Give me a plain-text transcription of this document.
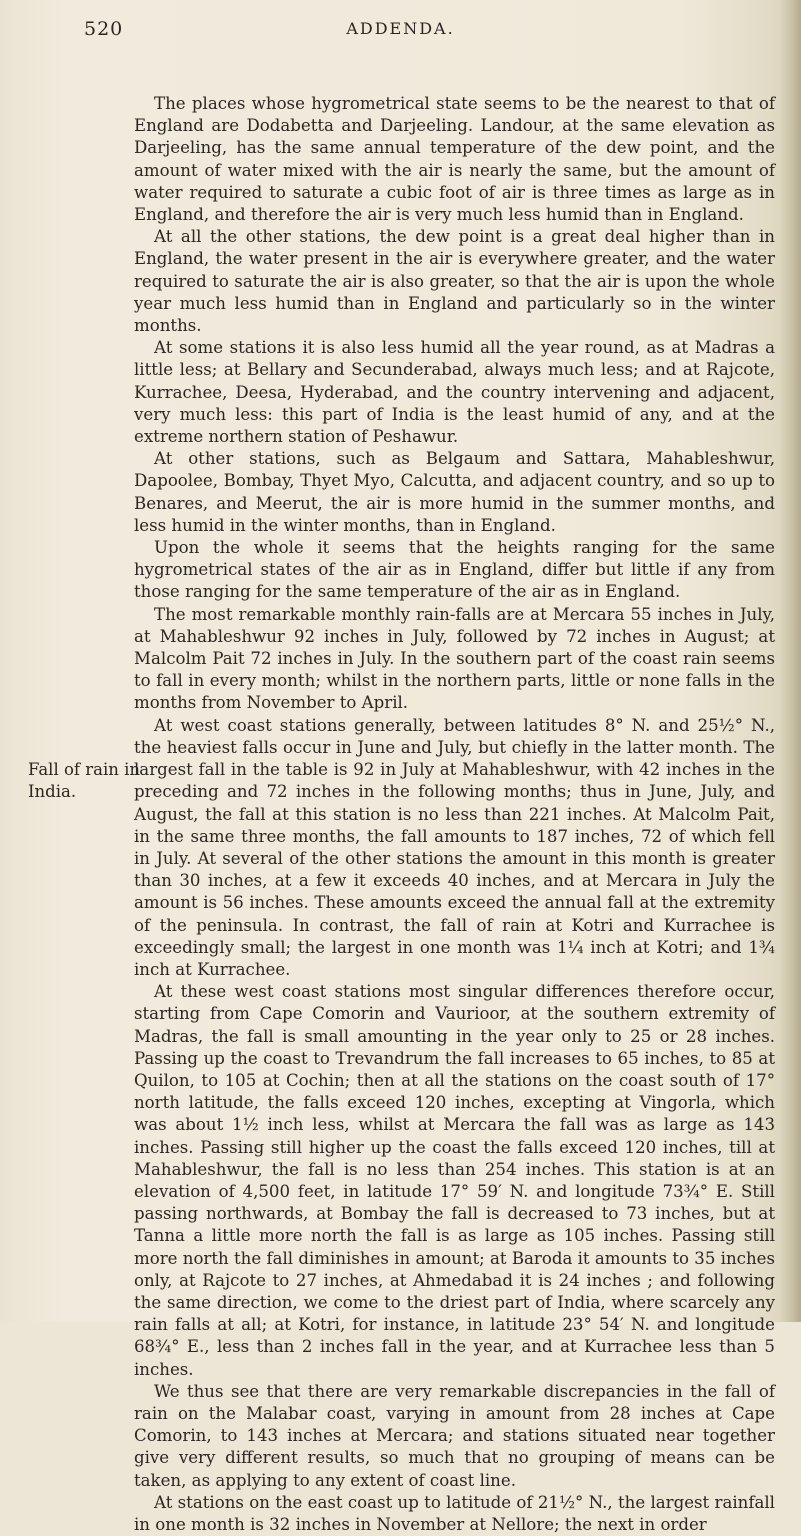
520	ADDENDA.
Fall of rain in
India.

The places whose hygrometrical state seems to be the nearest to that of England are Dodabetta and Darjeeling. Landour, at the same elevation as Darjeeling, has the same annual temperature of the dew point, and the amount of water mixed with the air is nearly the same, but the amount of water required to saturate a cubic foot of air is three times as large as in England, and therefore the air is very much less humid than in England.

At all the other stations, the dew point is a great deal higher than in England, the water present in the air is everywhere greater, and the water required to saturate the air is also greater, so that the air is upon the whole year much less humid than in England and particularly so in the winter months.

At some stations it is also less humid all the year round, as at Madras a little less; at Bellary and Secunderabad, always much less; and at Rajcote, Kurrachee, Deesa, Hyderabad, and the country intervening and adjacent, very much less: this part of India is the least humid of any, and at the extreme northern station of Peshawur.

At other stations, such as Belgaum and Sattara, Mahableshwur, Dapoolee, Bombay, Thyet Myo, Calcutta, and adjacent country, and so up to Benares, and Meerut, the air is more humid in the summer months, and less humid in the winter months, than in England.

Upon the whole it seems that the heights ranging for the same hygrometrical states of the air as in England, differ but little if any from those ranging for the same temperature of the air as in England.

The most remarkable monthly rain-falls are at Mercara 55 inches in July, at Mahableshwur 92 inches in July, followed by 72 inches in August; at Malcolm Pait 72 inches in July. In the southern part of the coast rain seems to fall in every month; whilst in the northern parts, little or none falls in the months from November to April.

At west coast stations generally, between latitudes 8° N. and 25½° N., the heaviest falls occur in June and July, but chiefly in the latter month. The largest fall in the table is 92 in July at Mahableshwur, with 42 inches in the preceding and 72 inches in the following months; thus in June, July, and August, the fall at this station is no less than 221 inches. At Malcolm Pait, in the same three months, the fall amounts to 187 inches, 72 of which fell in July. At several of the other stations the amount in this month is greater than 30 inches, at a few it exceeds 40 inches, and at Mercara in July the amount is 56 inches. These amounts exceed the annual fall at the extremity of the peninsula. In contrast, the fall of rain at Kotri and Kurrachee is exceedingly small; the largest in one month was 1¼ inch at Kotri; and 1¾ inch at Kurrachee.

At these west coast stations most singular differences therefore occur, starting from Cape Comorin and Vaurioor, at the southern extremity of Madras, the fall is small amounting in the year only to 25 or 28 inches. Passing up the coast to Trevandrum the fall increases to 65 inches, to 85 at Quilon, to 105 at Cochin; then at all the stations on the coast south of 17° north latitude, the falls exceed 120 inches, excepting at Vingorla, which was about 1½ inch less, whilst at Mercara the fall was as large as 143 inches. Passing still higher up the coast the falls exceed 120 inches, till at Mahableshwur, the fall is no less than 254 inches. This station is at an elevation of 4,500 feet, in latitude 17° 59′ N. and longitude 73¾° E. Still passing northwards, at Bombay the fall is decreased to 73 inches, but at Tanna a little more north the fall is as large as 105 inches. Passing still more north the fall diminishes in amount; at Baroda it amounts to 35 inches only, at Rajcote to 27 inches, at Ahmedabad it is 24 inches ; and following the same direction, we come to the driest part of India, where scarcely any rain falls at all; at Kotri, for instance, in latitude 23° 54′ N. and longitude 68¾° E., less than 2 inches fall in the year, and at Kurrachee less than 5 inches.

We thus see that there are very remarkable discrepancies in the fall of rain on the Malabar coast, varying in amount from 28 inches at Cape Comorin, to 143 inches at Mercara; and stations situated near together give very different results, so much that no grouping of means can be taken, as applying to any extent of coast line.

At stations on the east coast up to latitude of 21½° N., the largest rainfall in one month is 32 inches in November at Nellore; the next in order
